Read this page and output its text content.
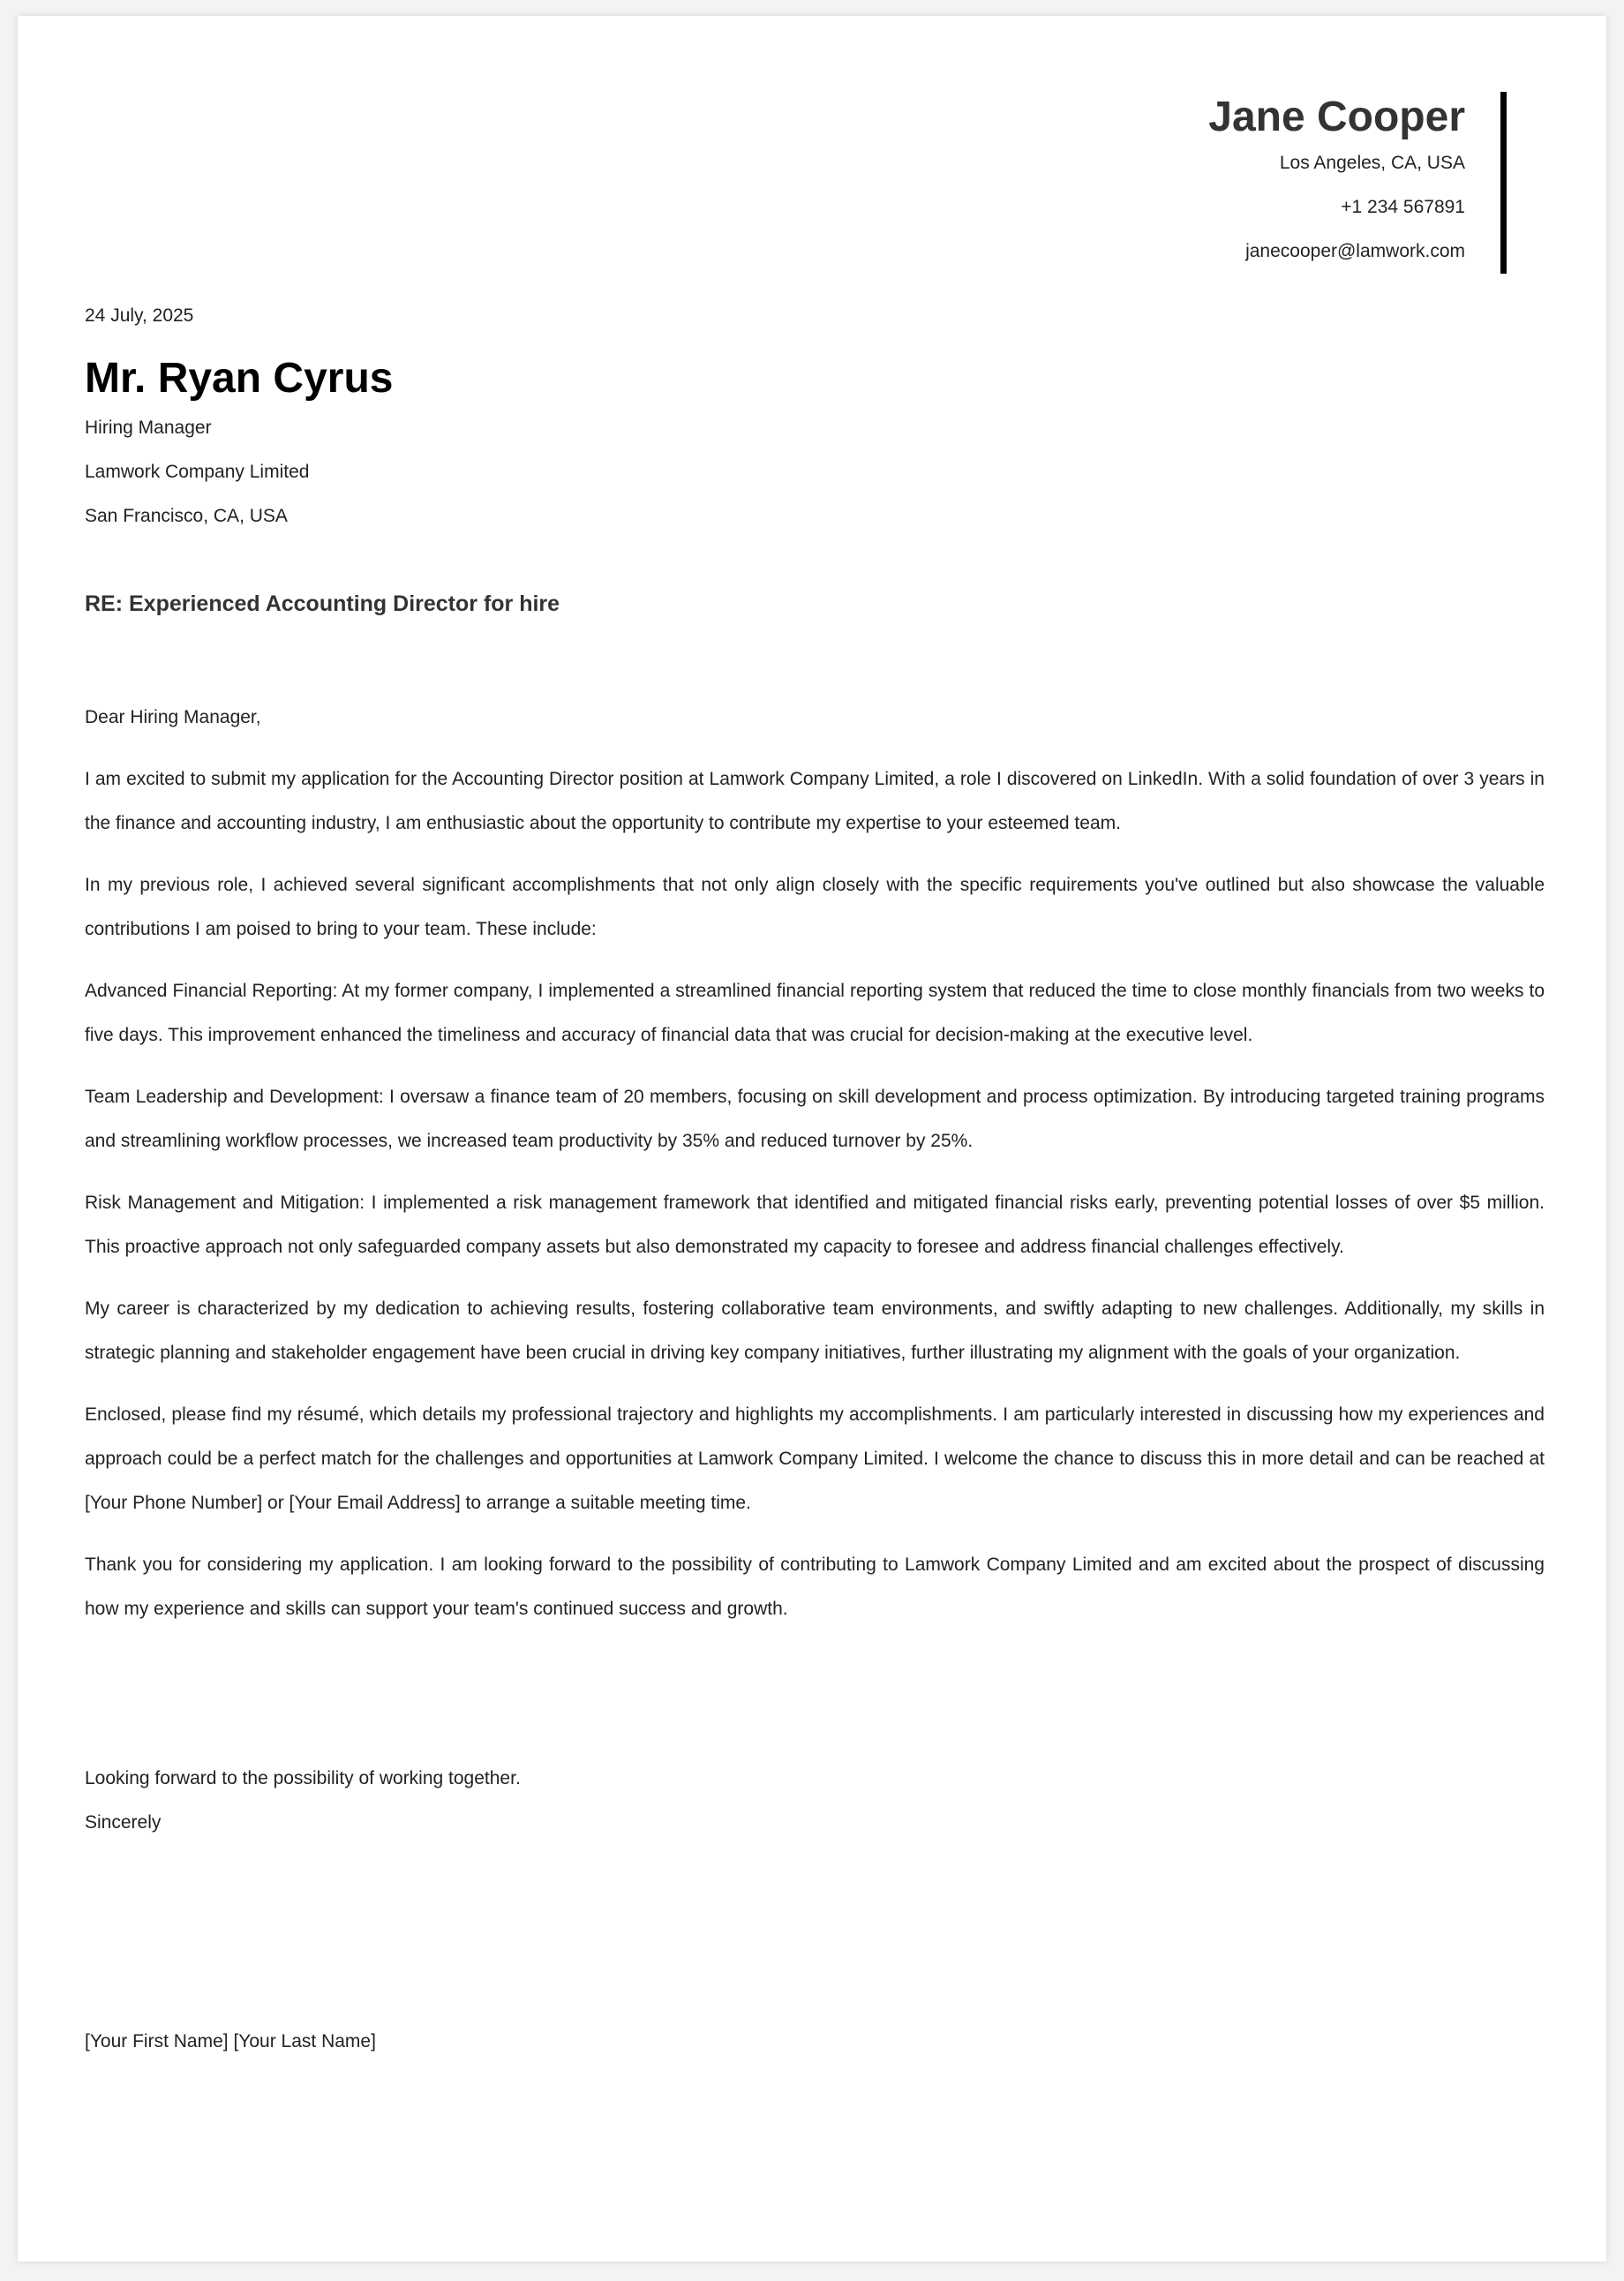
Jane Cooper

Los Angeles, CA, USA

+1 234 567891

janecooper@lamwork.com

24 July, 2025

Mr. Ryan Cyrus

Hiring Manager

Lamwork Company Limited

San Francisco, CA, USA

RE: Experienced Accounting Director for hire

Dear Hiring Manager,

I am excited to submit my application for the Accounting Director position at Lamwork Company Limited, a role I discovered on LinkedIn. With a solid foundation of over 3 years in the finance and accounting industry, I am enthusiastic about the opportunity to contribute my expertise to your esteemed team.

In my previous role, I achieved several significant accomplishments that not only align closely with the specific requirements you've outlined but also showcase the valuable contributions I am poised to bring to your team. These include:

Advanced Financial Reporting: At my former company, I implemented a streamlined financial reporting system that reduced the time to close monthly financials from two weeks to five days. This improvement enhanced the timeliness and accuracy of financial data that was crucial for decision-making at the executive level.

Team Leadership and Development: I oversaw a finance team of 20 members, focusing on skill development and process optimization. By introducing targeted training programs and streamlining workflow processes, we increased team productivity by 35% and reduced turnover by 25%.

Risk Management and Mitigation: I implemented a risk management framework that identified and mitigated financial risks early, preventing potential losses of over $5 million. This proactive approach not only safeguarded company assets but also demonstrated my capacity to foresee and address financial challenges effectively.

My career is characterized by my dedication to achieving results, fostering collaborative team environments, and swiftly adapting to new challenges. Additionally, my skills in strategic planning and stakeholder engagement have been crucial in driving key company initiatives, further illustrating my alignment with the goals of your organization.

Enclosed, please find my résumé, which details my professional trajectory and highlights my accomplishments. I am particularly interested in discussing how my experiences and approach could be a perfect match for the challenges and opportunities at Lamwork Company Limited. I welcome the chance to discuss this in more detail and can be reached at [Your Phone Number] or [Your Email Address] to arrange a suitable meeting time.

Thank you for considering my application. I am looking forward to the possibility of contributing to Lamwork Company Limited and am excited about the prospect of discussing how my experience and skills can support your team's continued success and growth.

Looking forward to the possibility of working together.

Sincerely

[Your First Name] [Your Last Name]
